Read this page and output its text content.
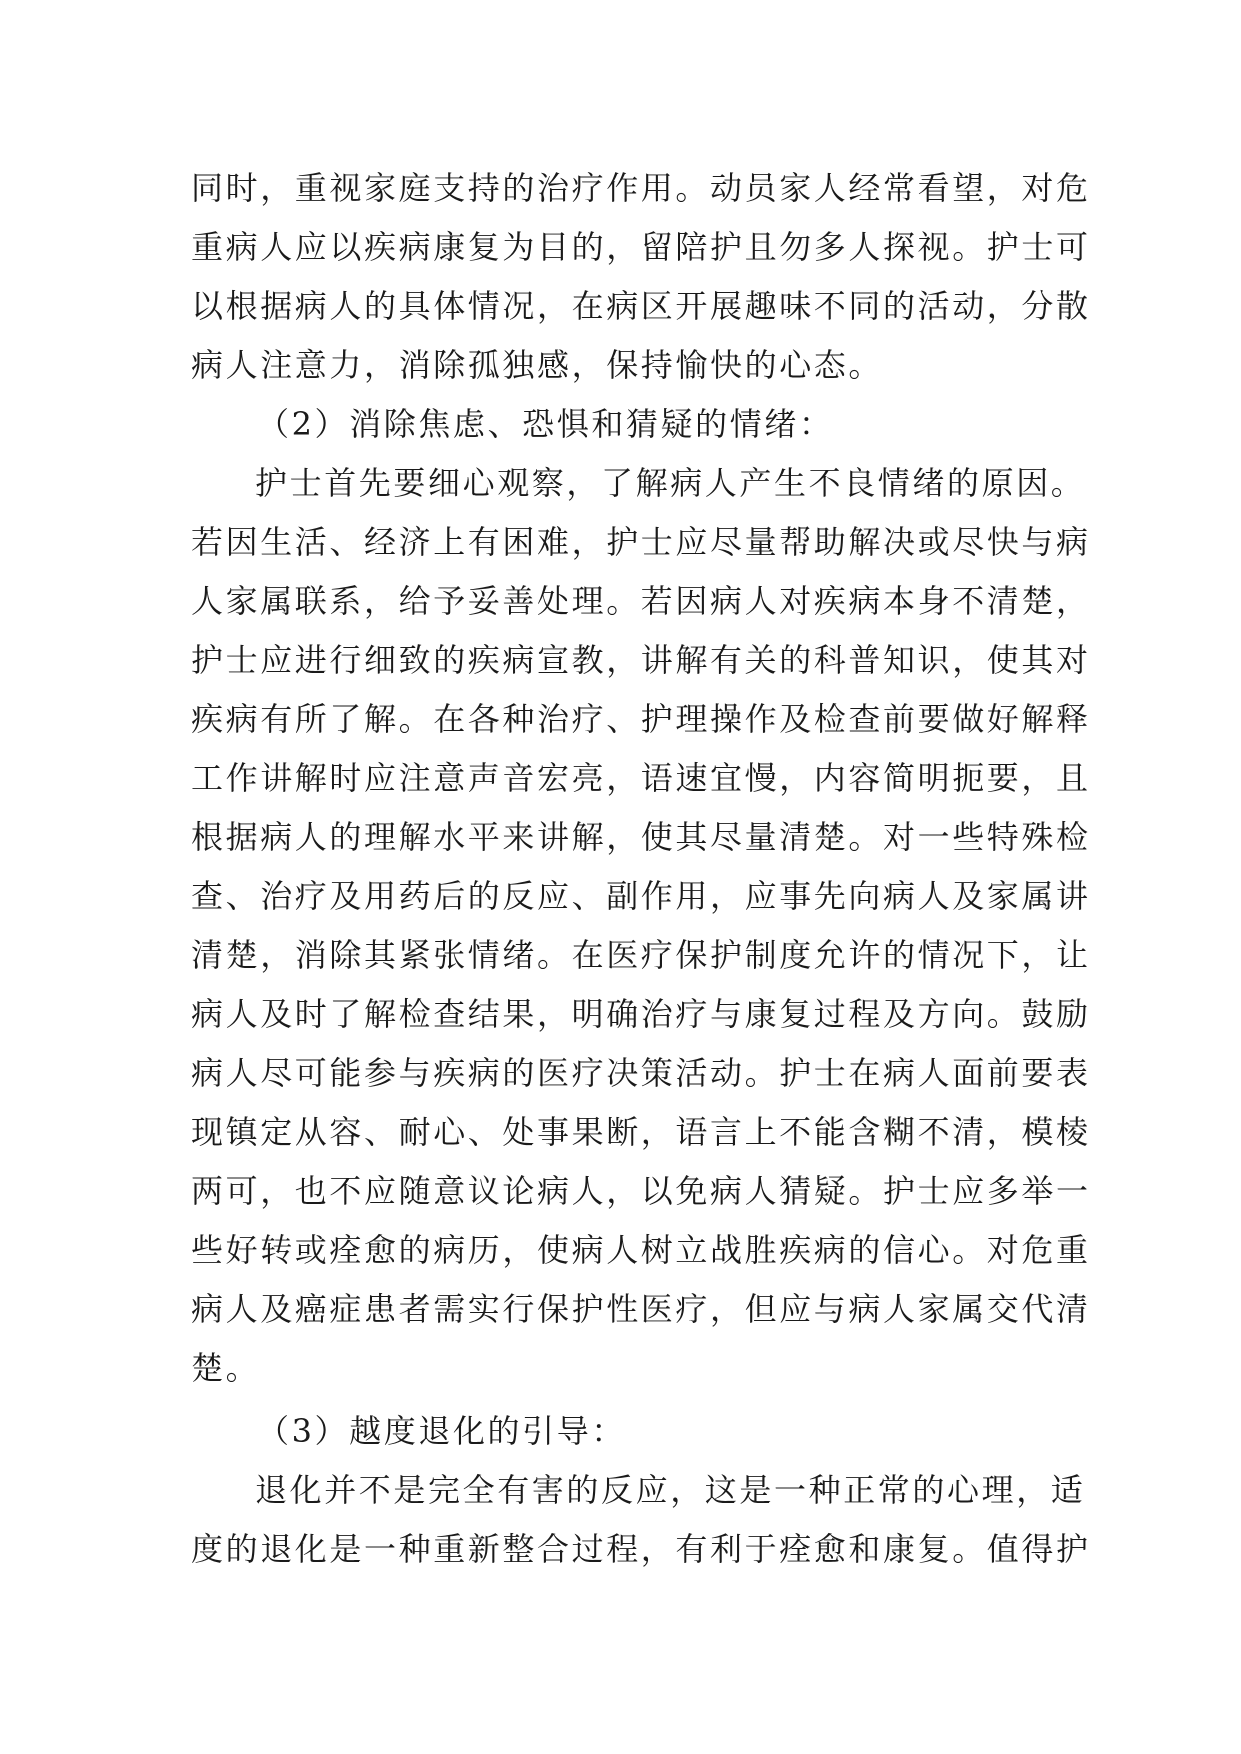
同时，重视家庭支持的治疗作用。动员家人经常看望，对危
重病人应以疾病康复为目的，留陪护且勿多人探视。护士可
以根据病人的具体情况，在病区开展趣味不同的活动，分散
病人注意力，消除孤独感，保持愉快的心态。
（2）消除焦虑、恐惧和猜疑的情绪：
护士首先要细心观察，了解病人产生不良情绪的原因。
若因生活、经济上有困难，护士应尽量帮助解决或尽快与病
人家属联系，给予妥善处理。若因病人对疾病本身不清楚，
护士应进行细致的疾病宣教，讲解有关的科普知识，使其对
疾病有所了解。在各种治疗、护理操作及检查前要做好解释
工作讲解时应注意声音宏亮，语速宜慢，内容简明扼要，且
根据病人的理解水平来讲解，使其尽量清楚。对一些特殊检
查、治疗及用药后的反应、副作用，应事先向病人及家属讲
清楚，消除其紧张情绪。在医疗保护制度允许的情况下，让
病人及时了解检查结果，明确治疗与康复过程及方向。鼓励
病人尽可能参与疾病的医疗决策活动。护士在病人面前要表
现镇定从容、耐心、处事果断，语言上不能含糊不清，模棱
两可，也不应随意议论病人，以免病人猜疑。护士应多举一
些好转或痊愈的病历，使病人树立战胜疾病的信心。对危重
病人及癌症患者需实行保护性医疗，但应与病人家属交代清
楚。
（3）越度退化的引导：
退化并不是完全有害的反应，这是一种正常的心理，适
度的退化是一种重新整合过程，有利于痊愈和康复。值得护
